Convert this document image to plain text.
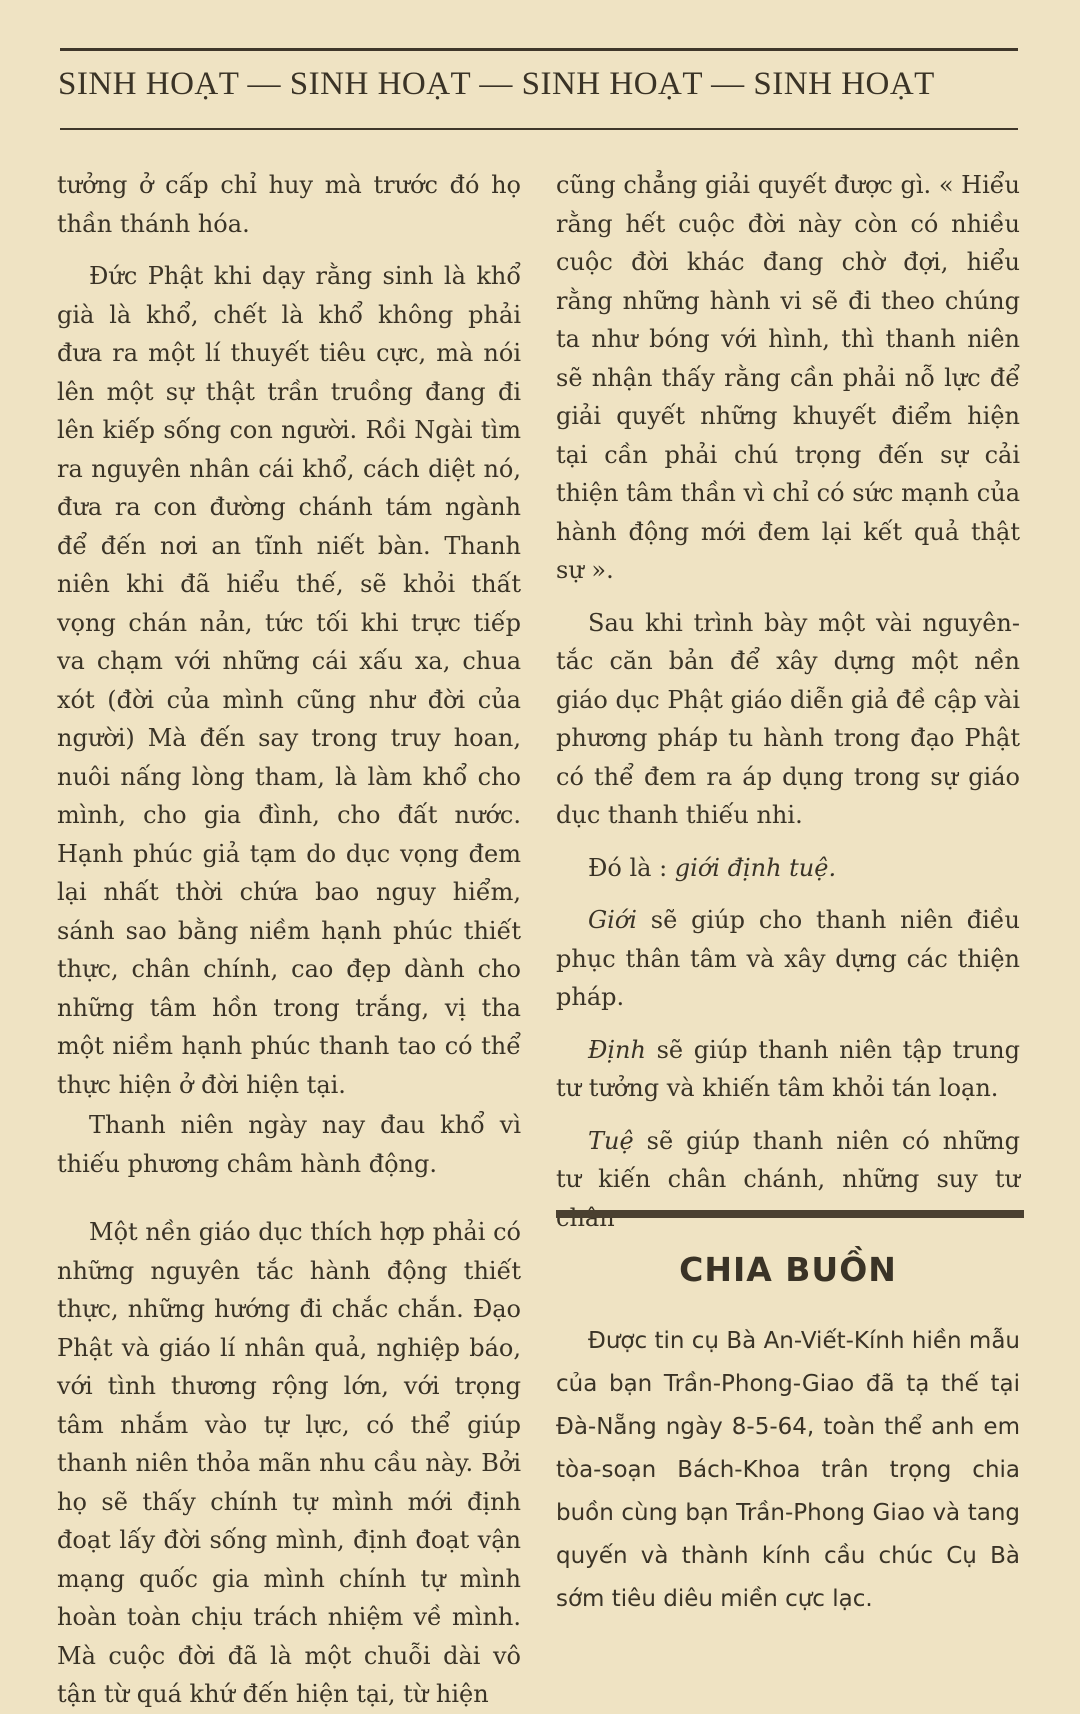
SINH HOẠT — SINH HOẠT — SINH HOẠT — SINH HOẠT

tưởng ở cấp chỉ huy mà trước đó họ thần thánh hóa.

Đức Phật khi dạy rằng sinh là khổ già là khổ, chết là khổ không phải đưa ra một lí thuyết tiêu cực, mà nói lên một sự thật trần truồng đang đi lên kiếp sống con người. Rồi Ngài tìm ra nguyên nhân cái khổ, cách diệt nó, đưa ra con đường chánh tám ngành để đến nơi an tĩnh niết bàn. Thanh niên khi đã hiểu thế, sẽ khỏi thất vọng chán nản, tức tối khi trực tiếp va chạm với những cái xấu xa, chua xót (đời của mình cũng như đời của người) Mà đến say trong truy hoan, nuôi nấng lòng tham, là làm khổ cho mình, cho gia đình, cho đất nước. Hạnh phúc giả tạm do dục vọng đem lại nhất thời chứa bao nguy hiểm, sánh sao bằng niềm hạnh phúc thiết thực, chân chính, cao đẹp dành cho những tâm hồn trong trắng, vị tha một niềm hạnh phúc thanh tao có thể thực hiện ở đời hiện tại.

Thanh niên ngày nay đau khổ vì thiếu phương châm hành động.

Một nền giáo dục thích hợp phải có những nguyên tắc hành động thiết thực, những hướng đi chắc chắn. Đạo Phật và giáo lí nhân quả, nghiệp báo, với tình thương rộng lớn, với trọng tâm nhắm vào tự lực, có thể giúp thanh niên thỏa mãn nhu cầu này. Bởi họ sẽ thấy chính tự mình mới định đoạt lấy đời sống mình, định đoạt vận mạng quốc gia mình chính tự mình hoàn toàn chịu trách nhiệm về mình. Mà cuộc đời đã là một chuỗi dài vô tận từ quá khứ đến hiện tại, từ hiện

cũng chẳng giải quyết được gì. « Hiểu rằng hết cuộc đời này còn có nhiều cuộc đời khác đang chờ đợi, hiểu rằng những hành vi sẽ đi theo chúng ta như bóng với hình, thì thanh niên sẽ nhận thấy rằng cần phải nỗ lực để giải quyết những khuyết điểm hiện tại cần phải chú trọng đến sự cải thiện tâm thần vì chỉ có sức mạnh của hành động mới đem lại kết quả thật sự ».

Sau khi trình bày một vài nguyên-tắc căn bản để xây dựng một nền giáo dục Phật giáo diễn giả đề cập vài phương pháp tu hành trong đạo Phật có thể đem ra áp dụng trong sự giáo dục thanh thiếu nhi.

Đó là : giới định tuệ.

Giới sẽ giúp cho thanh niên điều phục thân tâm và xây dựng các thiện pháp.

Định sẽ giúp thanh niên tập trung tư tưởng và khiến tâm khỏi tán loạn.

Tuệ sẽ giúp thanh niên có những tư kiến chân chánh, những suy tư

CHIA BUỒN

Được tin cụ Bà An-Viết-Kính hiền mẫu của bạn Trần-Phong-Giao đã tạ thế tại Đà-Nẵng ngày 8-5-64, toàn thể anh em tòa-soạn Bách-Khoa trân trọng chia buồn cùng bạn Trần-Phong Giao và tang quyến và thành kính cầu chúc Cụ Bà sớm tiêu diêu miền cực lạc.
